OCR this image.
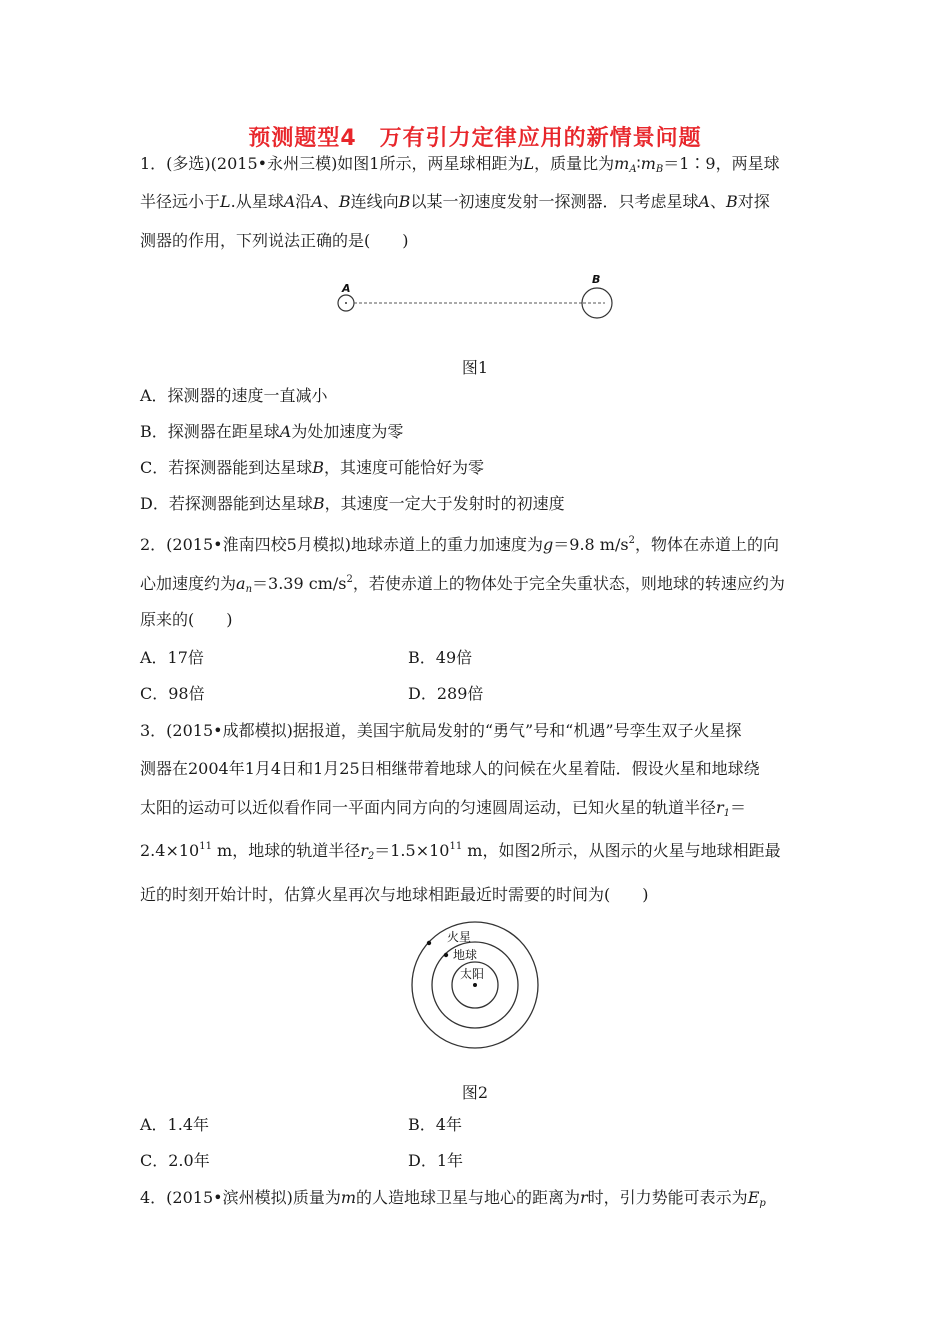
预测题型4　万有引力定律应用的新情景问题
1．(多选)(2015•永州三模)如图1所示，两星球相距为L，质量比为$m_A∶m_B=1∶9$，两星球
半径远小于L.从星球A沿A、B连线向B以某一初速度发射一探测器．只考虑星球A、B对探
测器的作用，下列说法正确的是(　　)
A
B
图1
A．探测器的速度一直减小
B．探测器在距星球A为处加速度为零
C．若探测器能到达星球B，其速度可能恰好为零
D．若探测器能到达星球B，其速度一定大于发射时的初速度
2．(2015•淮南四校5月模拟)地球赤道上的重力加速度为g＝9.8 $m/s^2$，物体在赤道上的向
心加速度约为$a_n=3.39$ $cm/s^2$，若使赤道上的物体处于完全失重状态，则地球的转速应约为
原来的(　　)
A．17倍	B．49倍
C．98倍	D．289倍
3．(2015•成都模拟)据报道，美国宇航局发射的“勇气”号和“机遇”号孪生双子火星探
测器在2004年1月4日和1月25日相继带着地球人的问候在火星着陆．假设火星和地球绕
太阳的运动可以近似看作同一平面内同方向的匀速圆周运动，已知火星的轨道半径$r_1=$
$2.4\times 10^{11}$ m，地球的轨道半径$r_2=1.5\times 10^{11}$ m，如图2所示，从图示的火星与地球相距最
近的时刻开始计时，估算火星再次与地球相距最近时需要的时间为(　　)
火星
地球
太阳
图2
A．1.4年	B．4年
C．2.0年	D．1年
4．(2015•滨州模拟)质量为m的人造地球卫星与地心的距离为r时，引力势能可表示为$E_p$
